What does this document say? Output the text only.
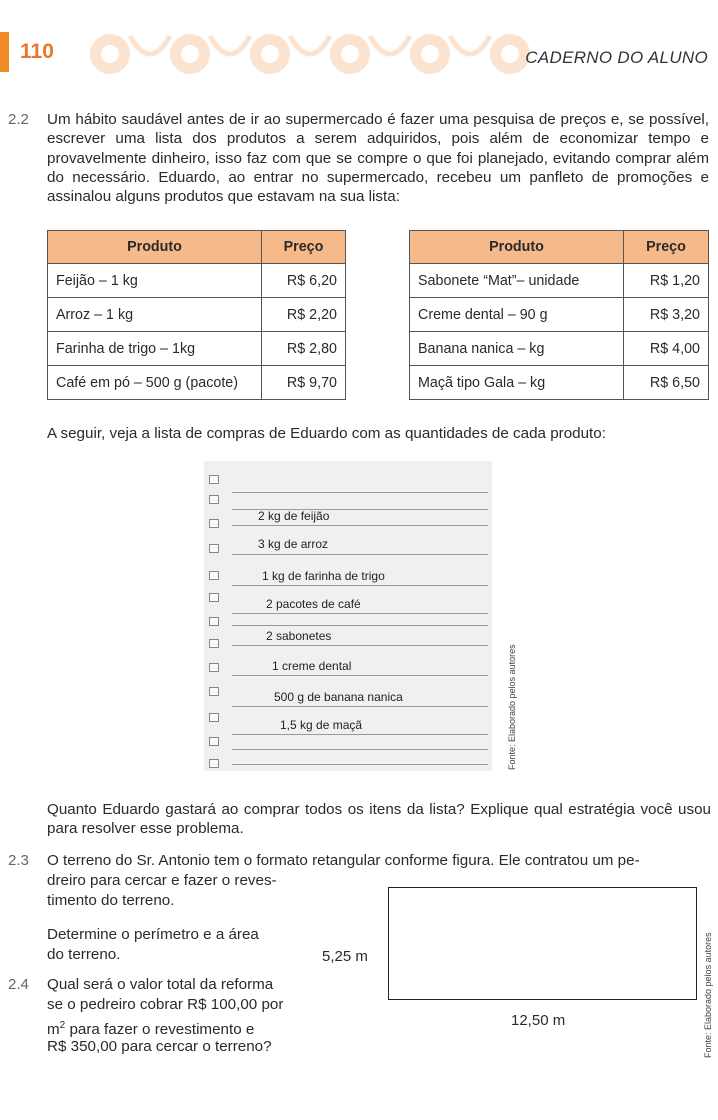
110	CADERNO DO ALUNO
2.2 Um hábito saudável antes de ir ao supermercado é fazer uma pesquisa de preços e, se possível, escrever uma lista dos produtos a serem adquiridos, pois além de economizar tempo e provavelmente dinheiro, isso faz com que se compre o que foi planejado, evitando comprar além do necessário. Eduardo, ao entrar no supermercado, recebeu um panfleto de promoções e assinalou alguns produtos que estavam na sua lista:
Produto	Preço
Feijão – 1 kg	R$ 6,20
Arroz – 1 kg	R$ 2,20
Farinha de trigo – 1kg	R$ 2,80
Café em pó – 500 g (pacote)	R$ 9,70
Produto	Preço
Sabonete “Mat”– unidade	R$ 1,20
Creme dental – 90 g	R$ 3,20
Banana nanica – kg	R$ 4,00
Maçã tipo Gala – kg	R$ 6,50
A seguir, veja a lista de compras de Eduardo com as quantidades de cada produto:
2 kg de feijão
3 kg de arroz
1 kg de farinha de trigo
2 pacotes de café
2 sabonetes
1 creme dental
500 g de banana nanica
1,5 kg de maçã	Fonte: Elaborado pelos autores
Quanto Eduardo gastará ao comprar todos os itens da lista? Explique qual estratégia você usou para resolver esse problema.
2.3 O terreno do Sr. Antonio tem o formato retangular conforme figura. Ele contratou um pe-
dreiro para cercar e fazer o reves-
timento do terreno.
Determine o perímetro e a área
do terreno.
2.4 Qual será o valor total da reforma
se o pedreiro cobrar R$ 100,00 por
$m^2$ para fazer o revestimento e
R$ 350,00 para cercar o terreno?
5,25 m
12,50 m	Fonte: Elaborado pelos autores
